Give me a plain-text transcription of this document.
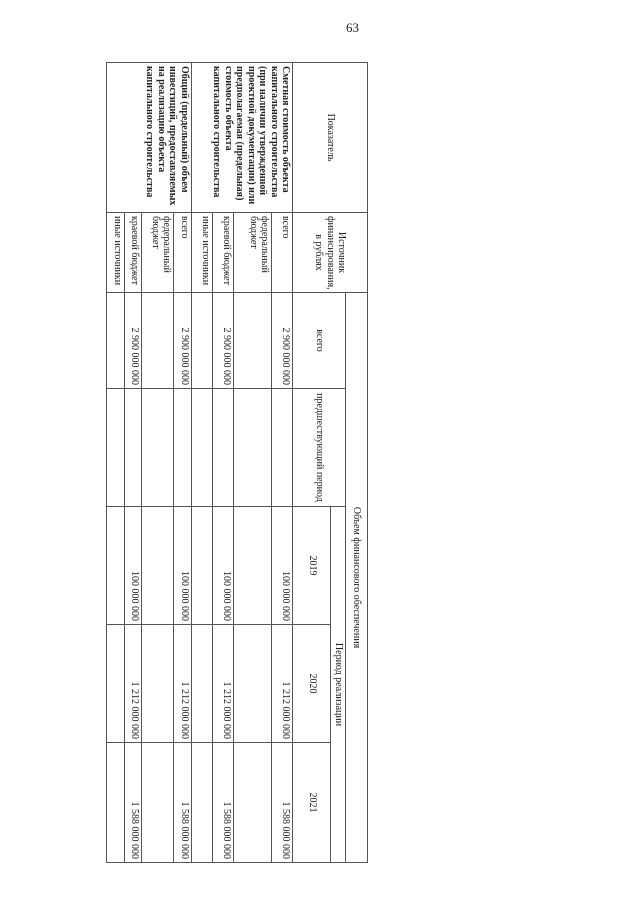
63
Показатель	Источник финансирования, в рублях	Объем финансового обеспечения				
		всего	предшествующий период	Период реализации		
				2019	2020	2021
Сметная стоимость объекта капитального строительства (при наличии утвержденной проектной документации) или предполагаемая (предельная) стоимость объекта капитального строительства	всего	2 900 000 000		100 000 000	1 212 000 000	1 588 000 000
	федеральный бюджет					
	краевой бюджет	2 900 000 000		100 000 000	1 212 000 000	1 588 000 000
	иные источники					
Общий (предельный) объем инвестиций, предоставляемых на реализацию объекта капитального строительства	всего	2 900 000 000		100 000 000	1 212 000 000	1 588 000 000
	федеральный бюджет					
	краевой бюджет	2 900 000 000		100 000 000	1 212 000 000	1 588 000 000
	иные источники					
